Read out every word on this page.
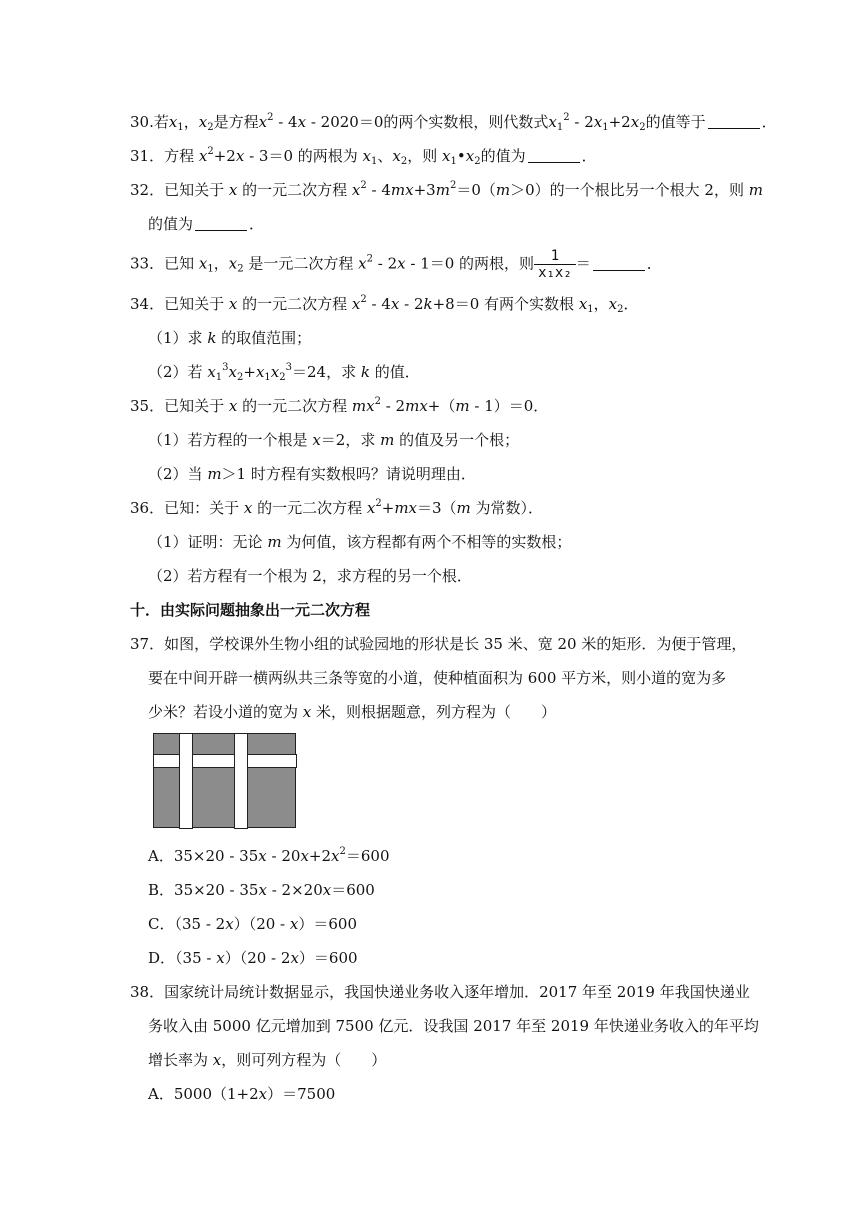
30.若$x_1$，$x_2$是方程$x^2 - 4x - 2020=0$的两个实数根，则代数式$x_1^2 - 2x_1+2x_2$的值等于	．
31．方程 $x^2+2x - 3=0$ 的两根为 $x_1$、$x_2$，则 $x_1•x_2$的值为	．
32．已知关于 x 的一元二次方程 $x^2 - 4mx+3m^2=0(m>0)$的一个根比另一个根大 2，则 m
的值为	．
33．已知 $x_1$，$x_2$ 是一元二次方程 $x^2 - 2x - 1=0$ 的两根，则 $\frac{1}{\text{x₁x₂}}$ ＝	．
34．已知关于 x 的一元二次方程 $x^2 - 4x - 2k+8=0$ 有两个实数根 $x_1$，$x_2$．
（1）求 k 的取值范围；
（2）若 $x_1^3x_2+x_1x_2^3=24$，求 k 的值．
35．已知关于 x 的一元二次方程 $mx^2 - 2mx+(m - 1)=0$．
（1）若方程的一个根是 x＝2，求 m 的值及另一个根；
（2）当 m＞1 时方程有实数根吗？请说明理由．
36．已知：关于 x 的一元二次方程 $x^2+mx=3(m$ 为常数）．
（1）证明：无论 m 为何值，该方程都有两个不相等的实数根；
（2）若方程有一个根为 2，求方程的另一个根．
十．由实际问题抽象出一元二次方程
37．如图，学校课外生物小组的试验园地的形状是长 35 米、宽 20 米的矩形．为便于管理，
要在中间开辟一横两纵共三条等宽的小道，使种植面积为 600 平方米，则小道的宽为多
少米？若设小道的宽为 x 米，则根据题意，列方程为（　　）
A．$35\times 20 - 35x - 20x+2x^2=600$
B．35×20 - 35x - 2×20x＝600
C．（35 - 2x）（20 - x）＝600
D．（35 - x）（20 - 2x）＝600
38．国家统计局统计数据显示，我国快递业务收入逐年增加．2017 年至 2019 年我国快递业
务收入由 5000 亿元增加到 7500 亿元．设我国 2017 年至 2019 年快递业务收入的年平均
增长率为 x，则可列方程为（　　）
A．5000（1+2x）＝7500
